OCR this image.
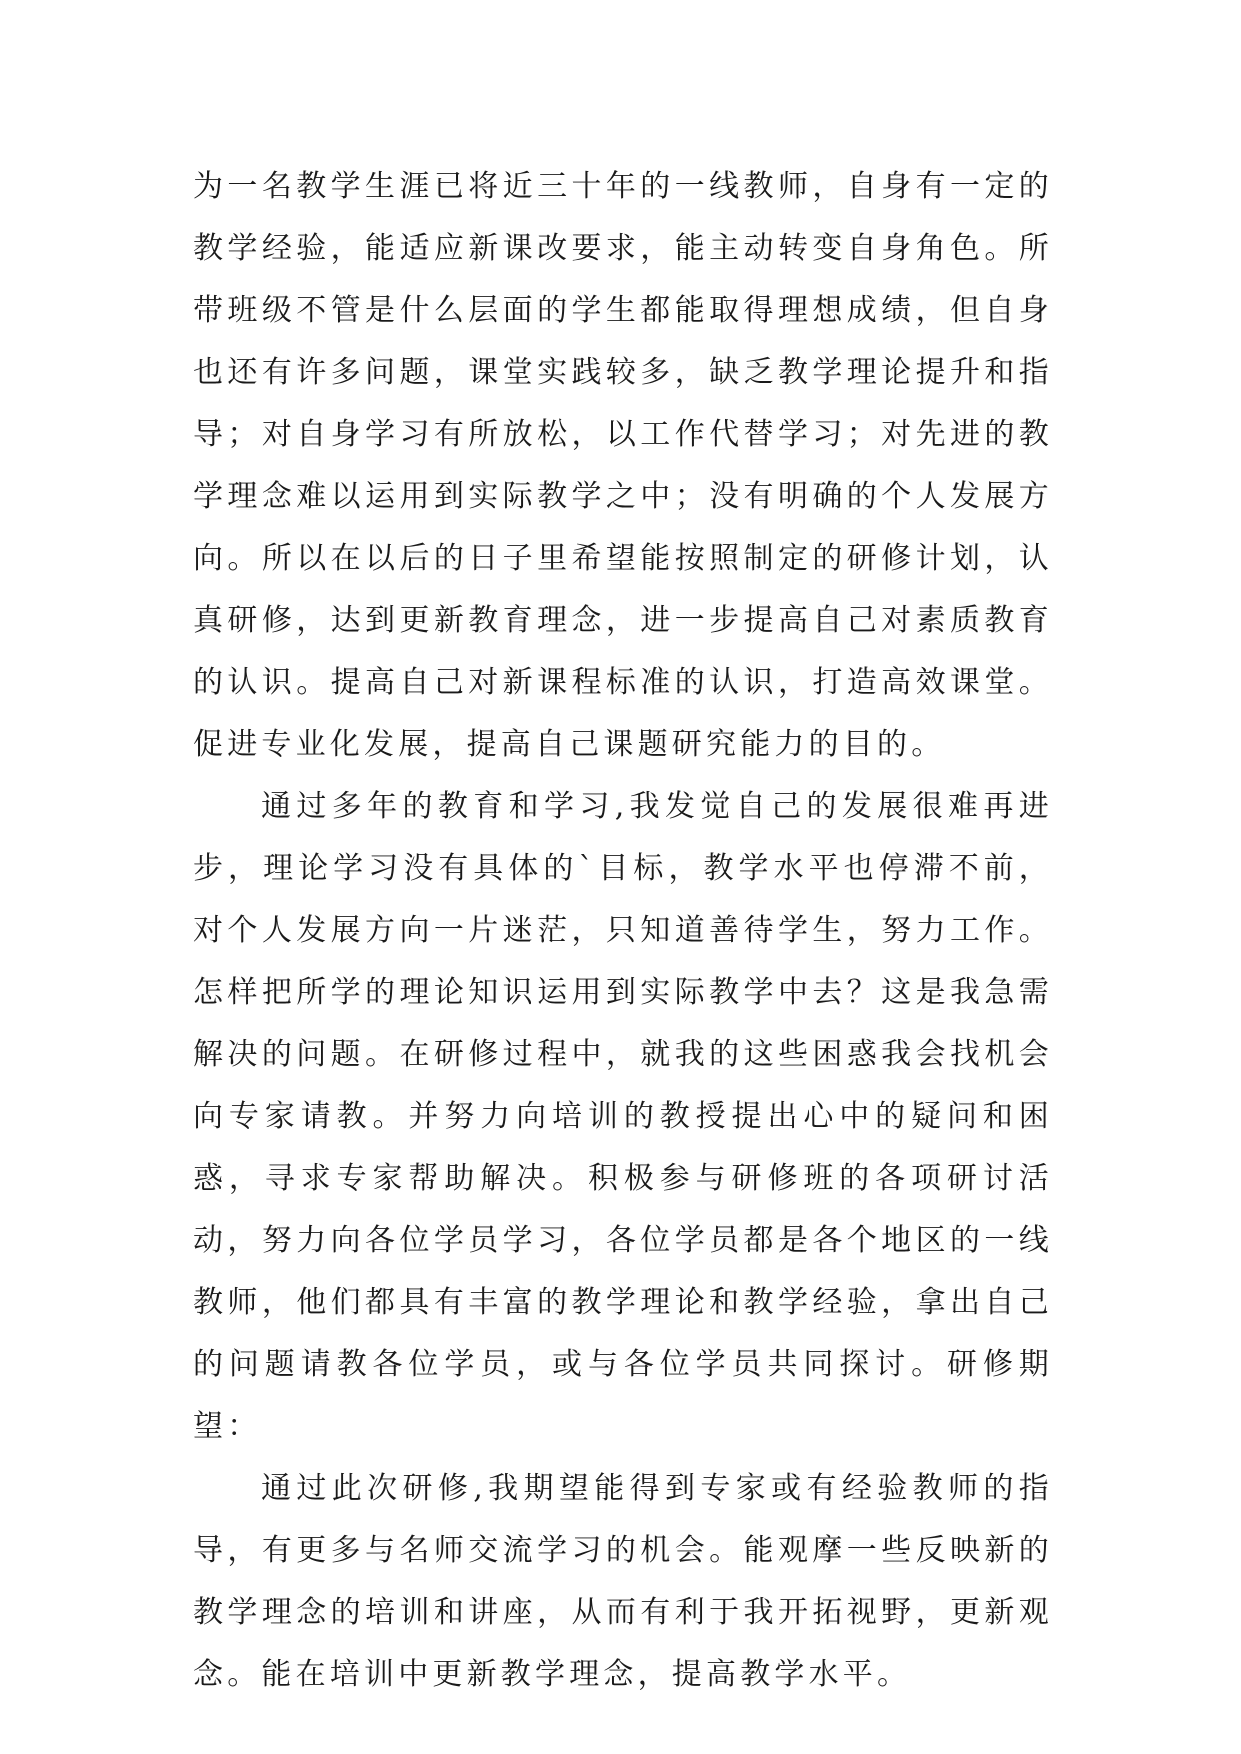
为一名教学生涯已将近三十年的一线教师，自身有一定的教学经验，能适应新课改要求，能主动转变自身角色。所带班级不管是什么层面的学生都能取得理想成绩，但自身也还有许多问题，课堂实践较多，缺乏教学理论提升和指导；对自身学习有所放松，以工作代替学习；对先进的教学理念难以运用到实际教学之中；没有明确的个人发展方向。所以在以后的日子里希望能按照制定的研修计划，认真研修，达到更新教育理念，进一步提高自己对素质教育的认识。提高自己对新课程标准的认识，打造高效课堂。促进专业化发展，提高自己课题研究能力的目的。

通过多年的教育和学习,我发觉自己的发展很难再进步，理论学习没有具体的`目标，教学水平也停滞不前，对个人发展方向一片迷茫，只知道善待学生，努力工作。怎样把所学的理论知识运用到实际教学中去？这是我急需解决的问题。在研修过程中，就我的这些困惑我会找机会向专家请教。并努力向培训的教授提出心中的疑问和困惑，寻求专家帮助解决。积极参与研修班的各项研讨活动，努力向各位学员学习，各位学员都是各个地区的一线教师，他们都具有丰富的教学理论和教学经验，拿出自己的问题请教各位学员，或与各位学员共同探讨。研修期望：

通过此次研修,我期望能得到专家或有经验教师的指导，有更多与名师交流学习的机会。能观摩一些反映新的教学理念的培训和讲座，从而有利于我开拓视野，更新观念。能在培训中更新教学理念，提高教学水平。
